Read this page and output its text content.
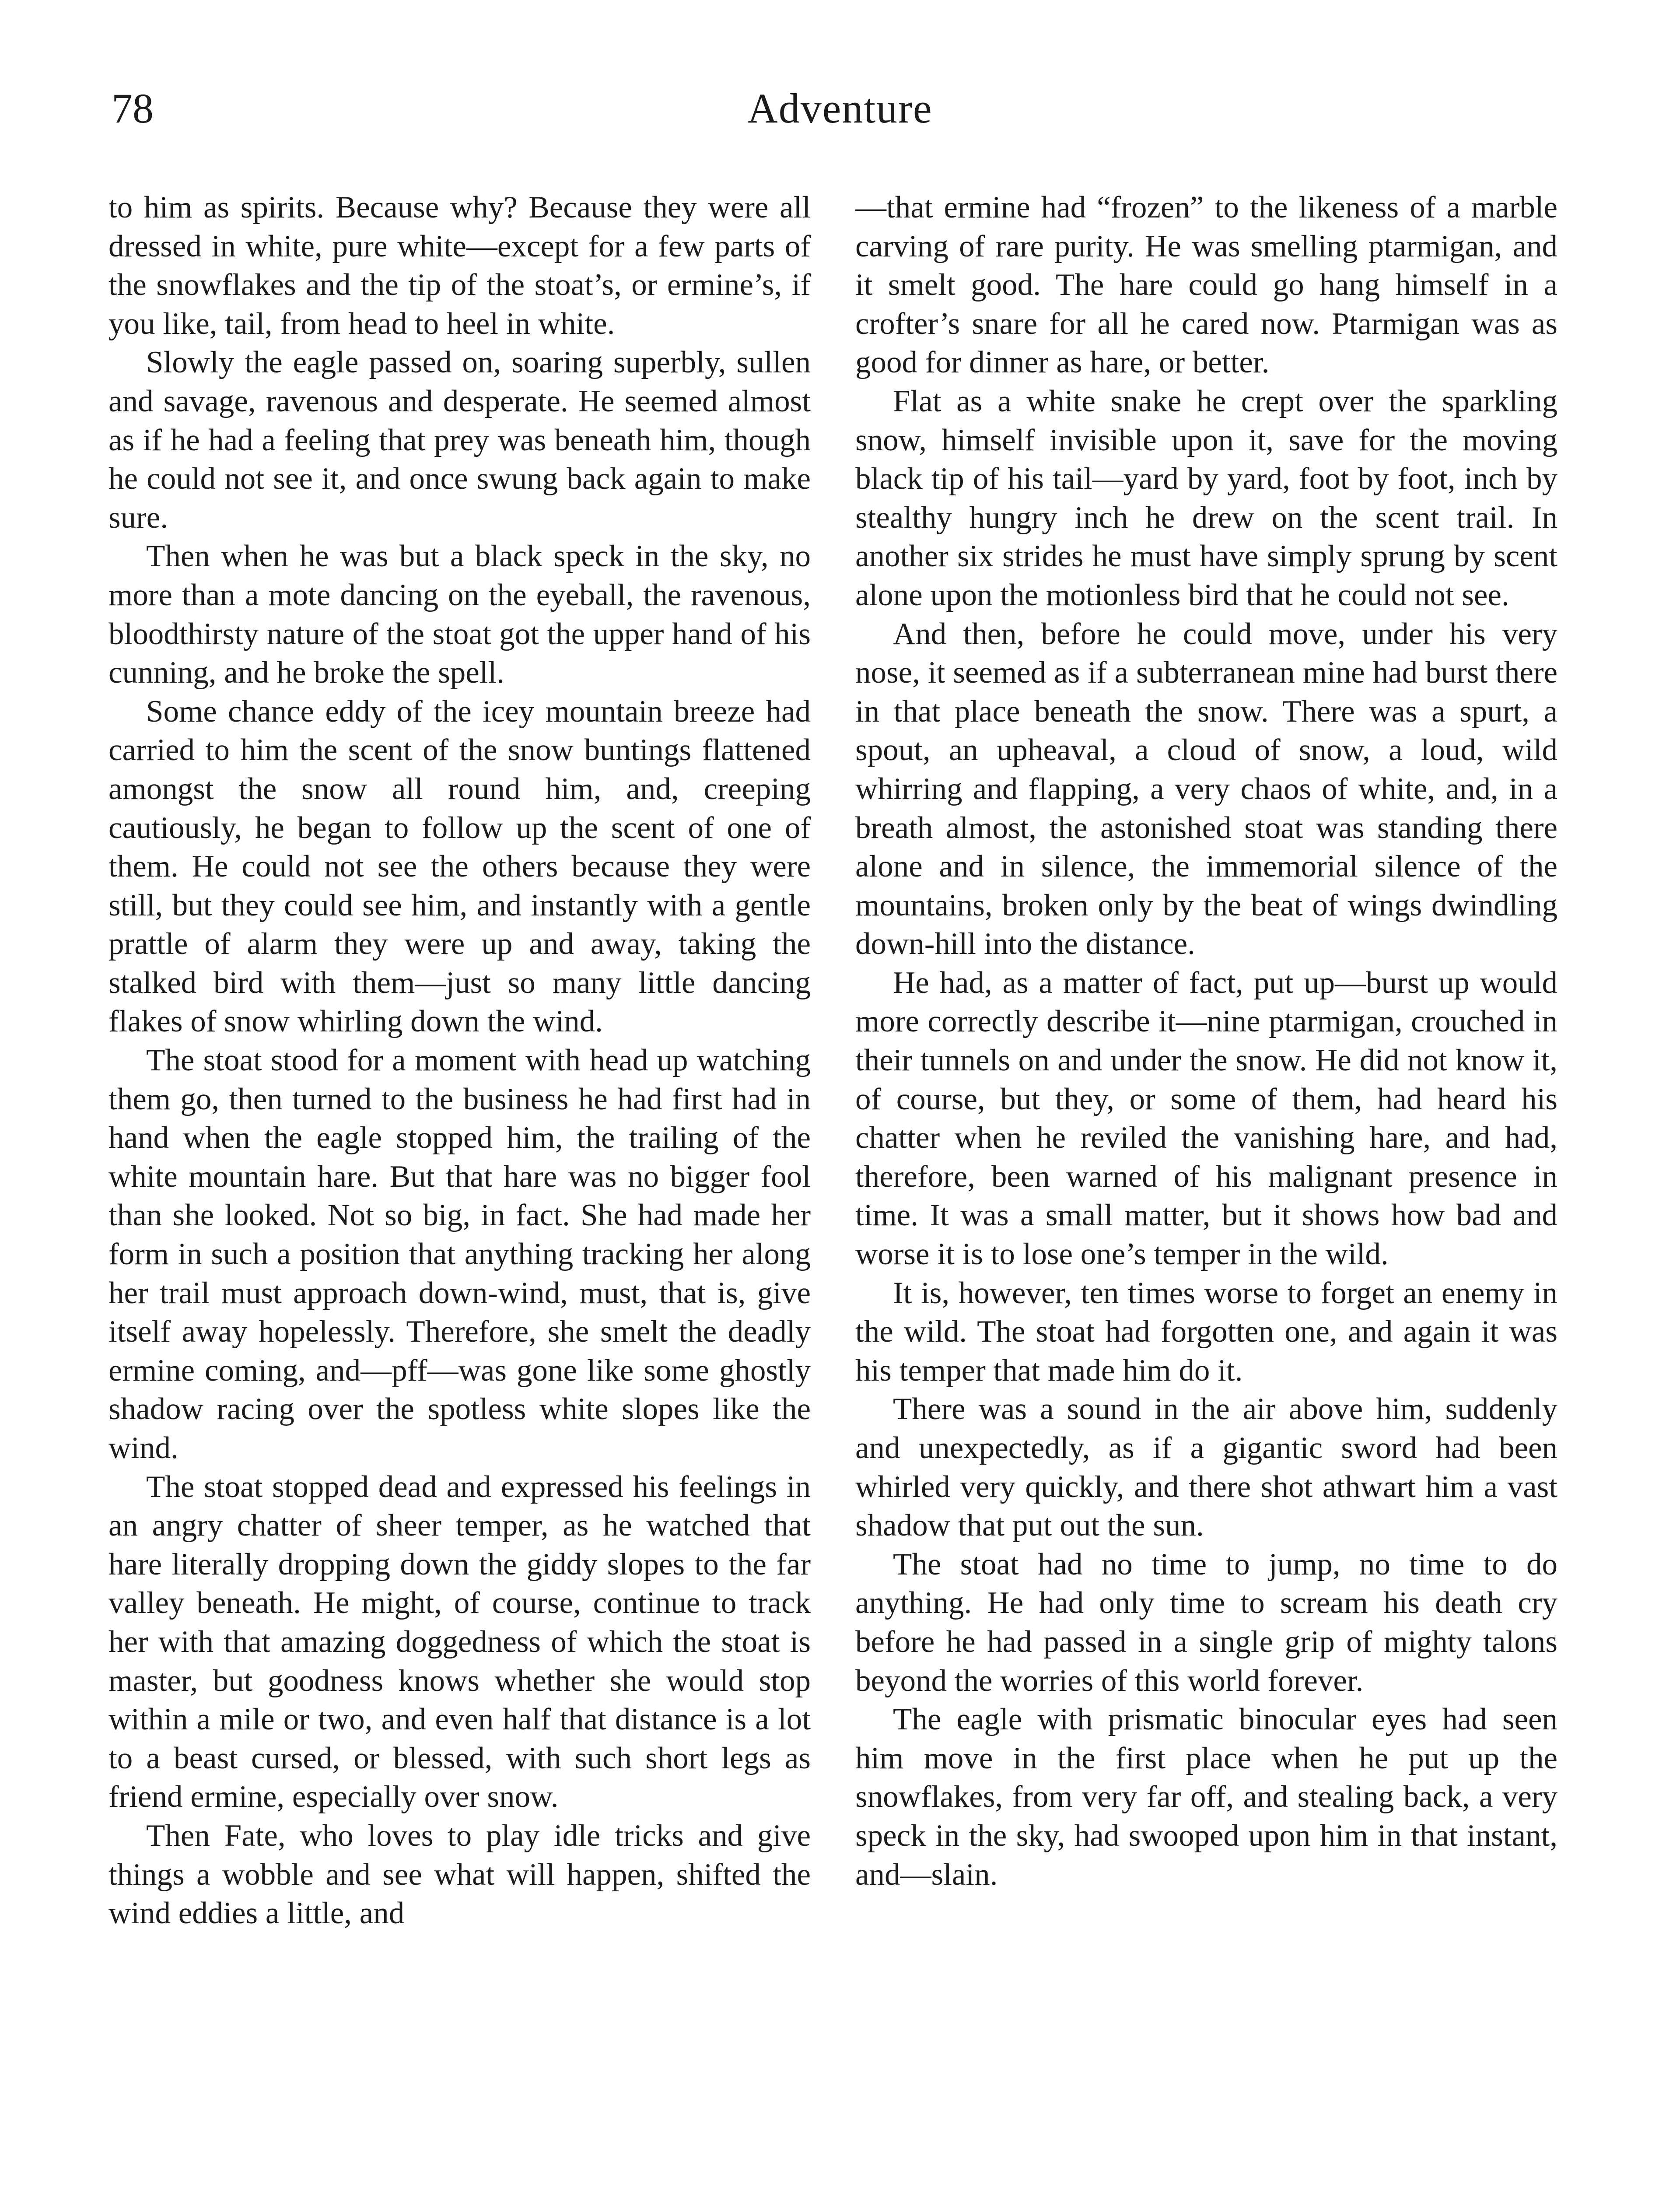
78	Adventure

to him as spirits. Because why? Because they were all dressed in white, pure white—except for a few parts of the snowflakes and the tip of the stoat’s, or ermine’s, if you like, tail, from head to heel in white.

Slowly the eagle passed on, soaring superbly, sullen and savage, ravenous and desperate. He seemed almost as if he had a feeling that prey was beneath him, though he could not see it, and once swung back again to make sure.

Then when he was but a black speck in the sky, no more than a mote dancing on the eyeball, the ravenous, bloodthirsty nature of the stoat got the upper hand of his cunning, and he broke the spell.

Some chance eddy of the icey mountain breeze had carried to him the scent of the snow buntings flattened amongst the snow all round him, and, creeping cautiously, he began to follow up the scent of one of them. He could not see the others because they were still, but they could see him, and instantly with a gentle prattle of alarm they were up and away, taking the stalked bird with them—just so many little dancing flakes of snow whirling down the wind.

The stoat stood for a moment with head up watching them go, then turned to the business he had first had in hand when the eagle stopped him, the trailing of the white mountain hare. But that hare was no bigger fool than she looked. Not so big, in fact. She had made her form in such a position that anything tracking her along her trail must approach down-wind, must, that is, give itself away hopelessly. Therefore, she smelt the deadly ermine coming, and—pff—was gone like some ghostly shadow racing over the spotless white slopes like the wind.

The stoat stopped dead and expressed his feelings in an angry chatter of sheer temper, as he watched that hare literally dropping down the giddy slopes to the far valley beneath. He might, of course, continue to track her with that amazing doggedness of which the stoat is master, but goodness knows whether she would stop within a mile or two, and even half that distance is a lot to a beast cursed, or blessed, with such short legs as friend ermine, especially over snow.

Then Fate, who loves to play idle tricks and give things a wobble and see what will happen, shifted the wind eddies a little, and

—that ermine had “frozen” to the likeness of a marble carving of rare purity. He was smelling ptarmigan, and it smelt good. The hare could go hang himself in a crofter’s snare for all he cared now. Ptarmigan was as good for dinner as hare, or better.

Flat as a white snake he crept over the sparkling snow, himself invisible upon it, save for the moving black tip of his tail—yard by yard, foot by foot, inch by stealthy hungry inch he drew on the scent trail. In another six strides he must have simply sprung by scent alone upon the motionless bird that he could not see.

And then, before he could move, under his very nose, it seemed as if a subterranean mine had burst there in that place beneath the snow. There was a spurt, a spout, an upheaval, a cloud of snow, a loud, wild whirring and flapping, a very chaos of white, and, in a breath almost, the astonished stoat was standing there alone and in silence, the immemorial silence of the mountains, broken only by the beat of wings dwindling down-hill into the distance.

He had, as a matter of fact, put up—burst up would more correctly describe it—nine ptarmigan, crouched in their tunnels on and under the snow. He did not know it, of course, but they, or some of them, had heard his chatter when he reviled the vanishing hare, and had, therefore, been warned of his malignant presence in time. It was a small matter, but it shows how bad and worse it is to lose one’s temper in the wild.

It is, however, ten times worse to forget an enemy in the wild. The stoat had forgotten one, and again it was his temper that made him do it.

There was a sound in the air above him, suddenly and unexpectedly, as if a gigantic sword had been whirled very quickly, and there shot athwart him a vast shadow that put out the sun.

The stoat had no time to jump, no time to do anything. He had only time to scream his death cry before he had passed in a single grip of mighty talons beyond the worries of this world forever.

The eagle with prismatic binocular eyes had seen him move in the first place when he put up the snowflakes, from very far off, and stealing back, a very speck in the sky, had swooped upon him in that instant, and—slain.
